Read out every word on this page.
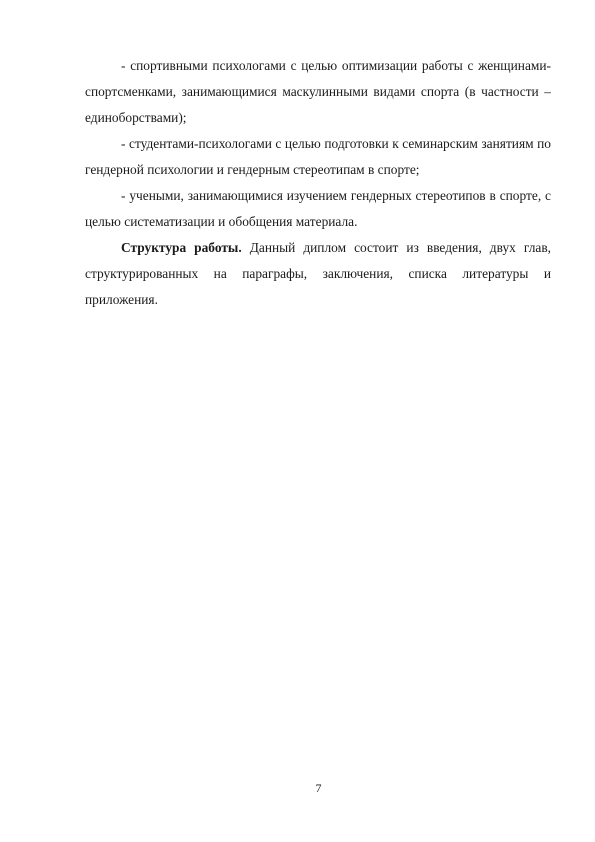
- спортивными психологами с целью оптимизации работы с женщинами-спортсменками, занимающимися маскулинными видами спорта (в частности – единоборствами);

- студентами-психологами с целью подготовки к семинарским занятиям по гендерной психологии и гендерным стереотипам в спорте;

- учеными, занимающимися изучением гендерных стереотипов в спорте, с целью систематизации и обобщения материала.

Структура работы. Данный диплом состоит из введения, двух глав, структурированных на параграфы, заключения, списка литературы и приложения.

7
